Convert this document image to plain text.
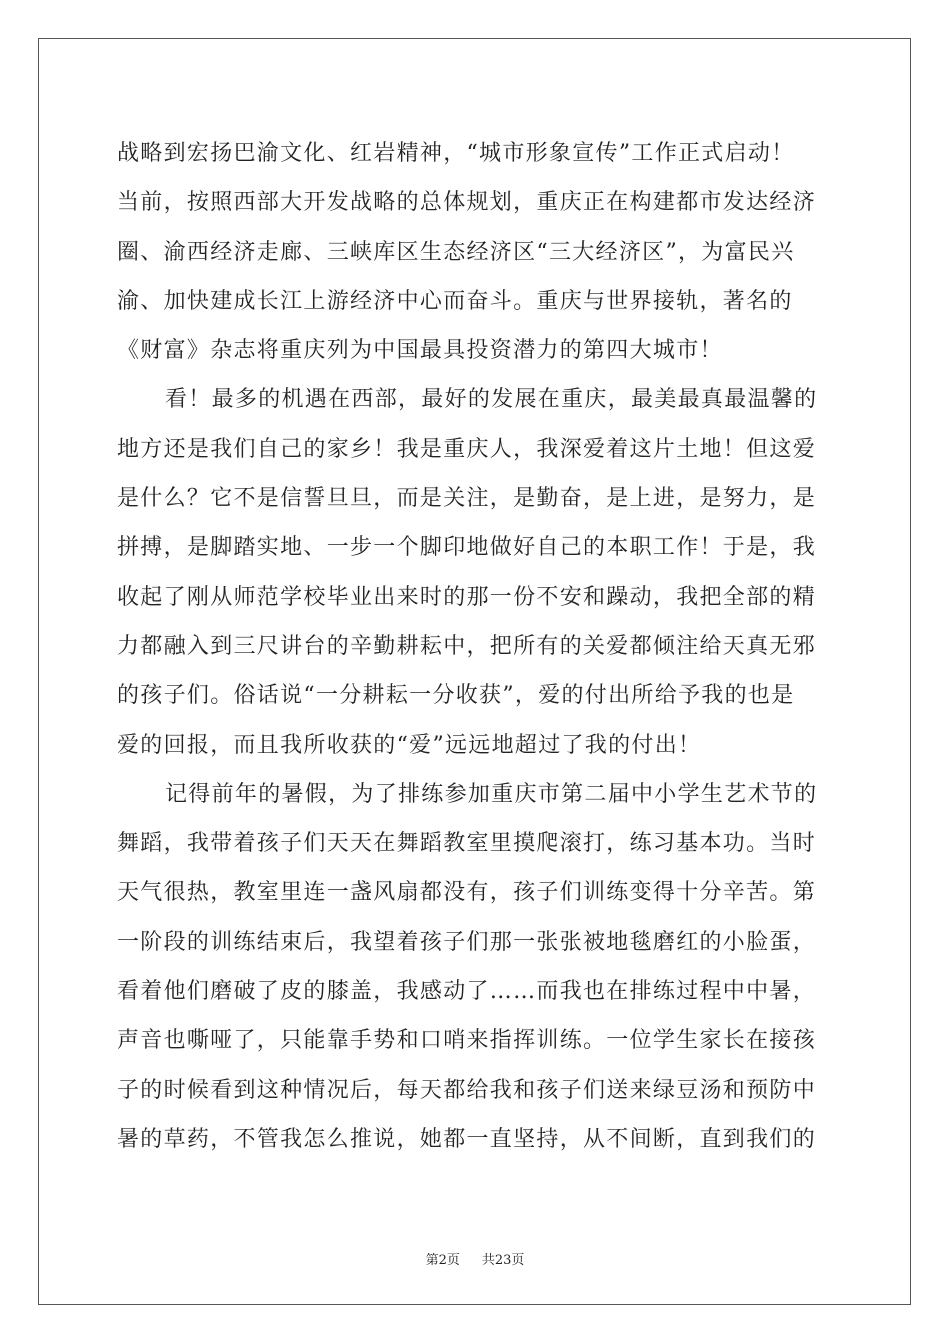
战略到宏扬巴渝文化、红岩精神，“城市形象宣传”工作正式启动！
当前，按照西部大开发战略的总体规划，重庆正在构建都市发达经济
圈、渝西经济走廊、三峡库区生态经济区“三大经济区”，为富民兴
渝、加快建成长江上游经济中心而奋斗。重庆与世界接轨，著名的
《财富》杂志将重庆列为中国最具投资潜力的第四大城市！
看！最多的机遇在西部，最好的发展在重庆，最美最真最温馨的
地方还是我们自己的家乡！我是重庆人，我深爱着这片土地！但这爱
是什么？它不是信誓旦旦，而是关注，是勤奋，是上进，是努力，是
拼搏，是脚踏实地、一步一个脚印地做好自己的本职工作！于是，我
收起了刚从师范学校毕业出来时的那一份不安和躁动，我把全部的精
力都融入到三尺讲台的辛勤耕耘中，把所有的关爱都倾注给天真无邪
的孩子们。俗话说“一分耕耘一分收获”，爱的付出所给予我的也是
爱的回报，而且我所收获的“爱”远远地超过了我的付出！
记得前年的暑假，为了排练参加重庆市第二届中小学生艺术节的
舞蹈，我带着孩子们天天在舞蹈教室里摸爬滚打，练习基本功。当时
天气很热，教室里连一盏风扇都没有，孩子们训练变得十分辛苦。第
一阶段的训练结束后，我望着孩子们那一张张被地毯磨红的小脸蛋，
看着他们磨破了皮的膝盖，我感动了……而我也在排练过程中中暑，
声音也嘶哑了，只能靠手势和口哨来指挥训练。一位学生家长在接孩
子的时候看到这种情况后，每天都给我和孩子们送来绿豆汤和预防中
暑的草药，不管我怎么推说，她都一直坚持，从不间断，直到我们的
第2页 共23页
